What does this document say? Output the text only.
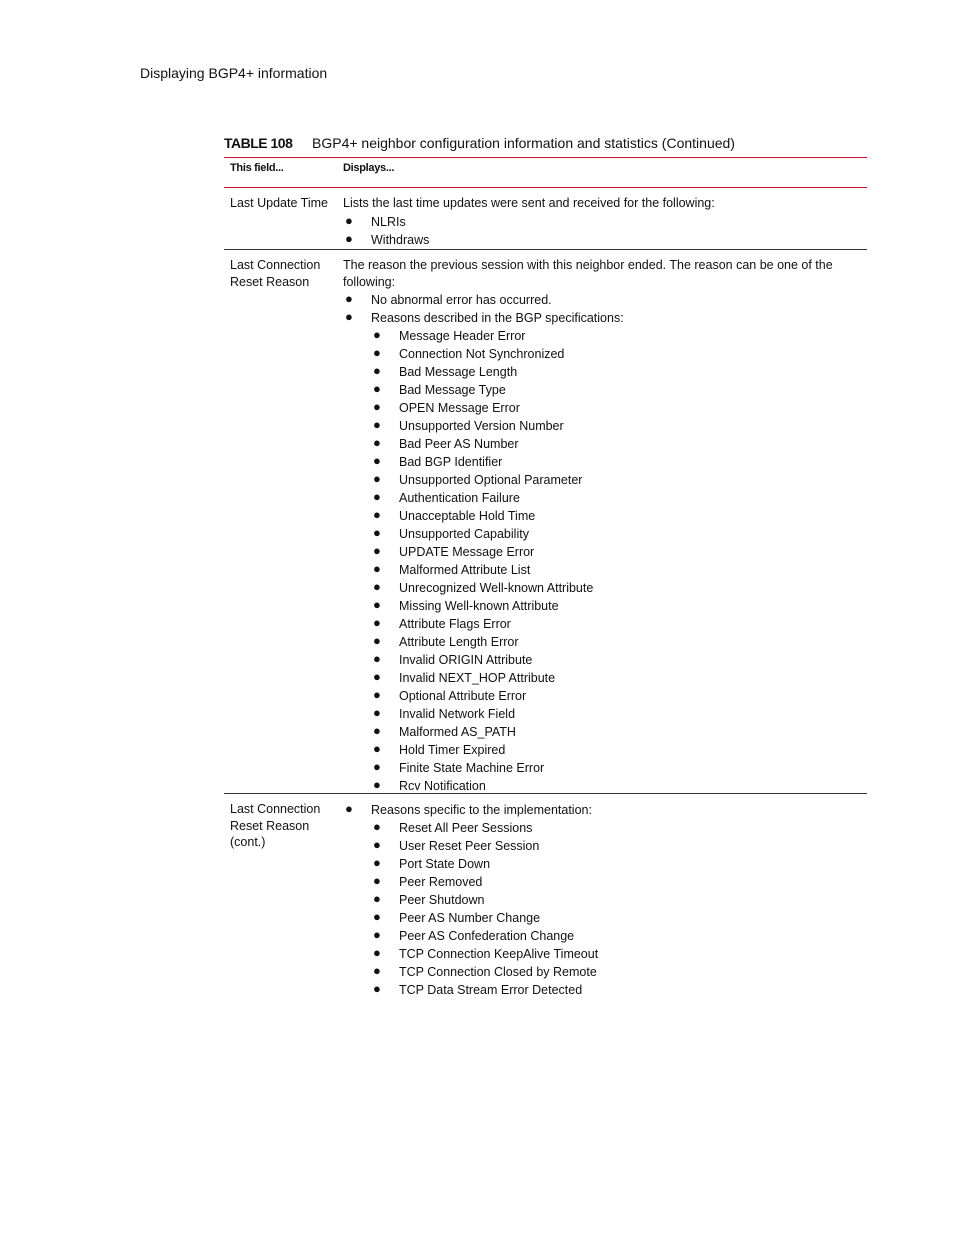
Displaying BGP4+ information
TABLE 108 BGP4+ neighbor configuration information and statistics (Continued)
This field...	Displays...
Last Update Time	Lists the last time updates were sent and received for the following:
● NLRIs
● Withdraws
Last Connection Reset Reason
The reason the previous session with this neighbor ended. The reason can be one of the following:
● No abnormal error has occurred.
● Reasons described in the BGP specifications:
● Message Header Error
● Connection Not Synchronized
● Bad Message Length
● Bad Message Type
● OPEN Message Error
● Unsupported Version Number
● Bad Peer AS Number
● Bad BGP Identifier
● Unsupported Optional Parameter
● Authentication Failure
● Unacceptable Hold Time
● Unsupported Capability
● UPDATE Message Error
● Malformed Attribute List
● Unrecognized Well-known Attribute
● Missing Well-known Attribute
● Attribute Flags Error
● Attribute Length Error
● Invalid ORIGIN Attribute
● Invalid NEXT_HOP Attribute
● Optional Attribute Error
● Invalid Network Field
● Malformed AS_PATH
● Hold Timer Expired
● Finite State Machine Error
● Rcv Notification
Last Connection Reset Reason (cont.)
● Reasons specific to the implementation:
● Reset All Peer Sessions
● User Reset Peer Session
● Port State Down
● Peer Removed
● Peer Shutdown
● Peer AS Number Change
● Peer AS Confederation Change
● TCP Connection KeepAlive Timeout
● TCP Connection Closed by Remote
● TCP Data Stream Error Detected
